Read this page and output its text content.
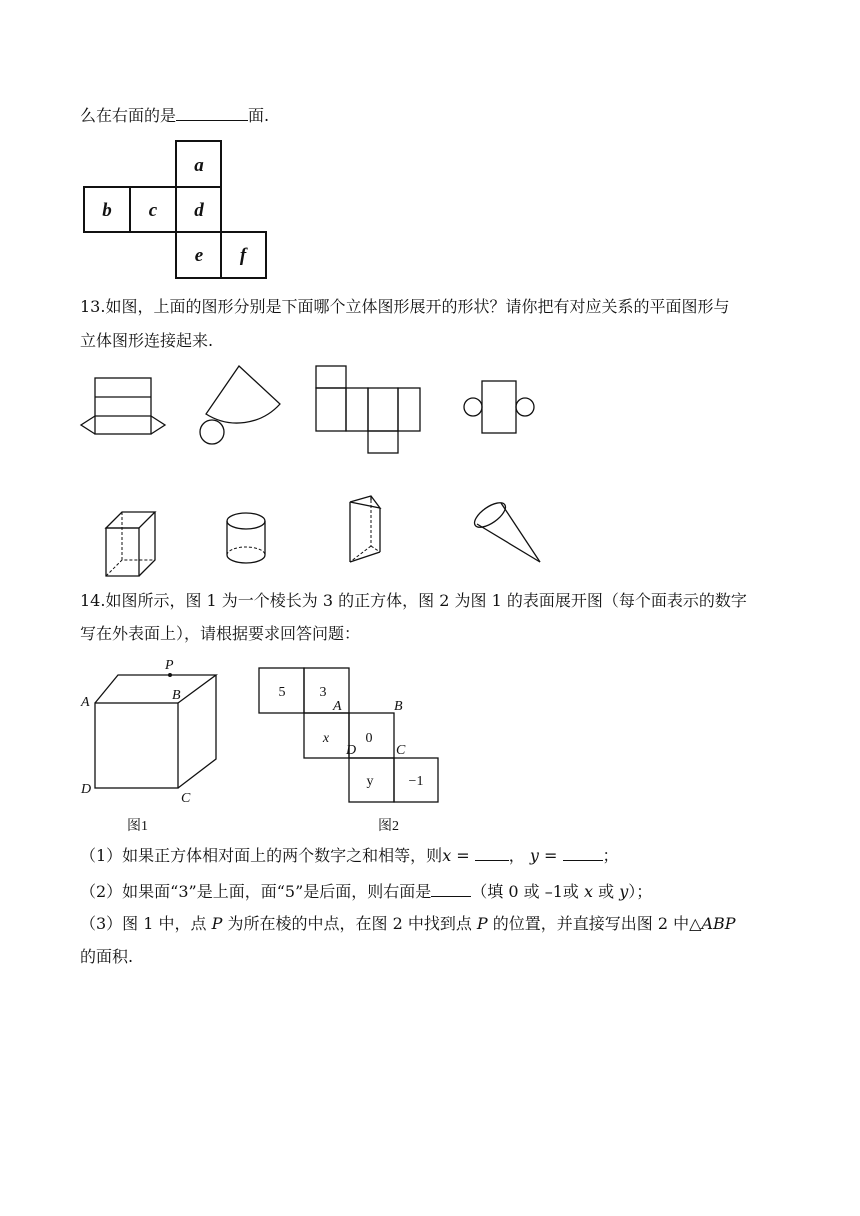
么在右面的是	面.
a
b c d
e f
13.如图，上面的图形分别是下面哪个立体图形展开的形状？请你把有对应关系的平面图形与
立体图形连接起来.
14.如图所示，图 1 为一个棱长为 3 的正方体，图 2 为图 1 的表面展开图（每个面表示的数字
写在外表面上），请根据要求回答问题：
P
A	B
D
C
图1
5 3
x	0
y	−1
A	B
D	C
图2
（1）如果正方体相对面上的两个数字之和相等，则x = ， y =	；
（2）如果面“3”是上面，面“5”是后面，则右面是	（填 0 或 –1或 x 或 y）；
（3）图 1 中，点 P 为所在棱的中点，在图 2 中找到点 P 的位置，并直接写出图 2 中△ABP
的面积.
